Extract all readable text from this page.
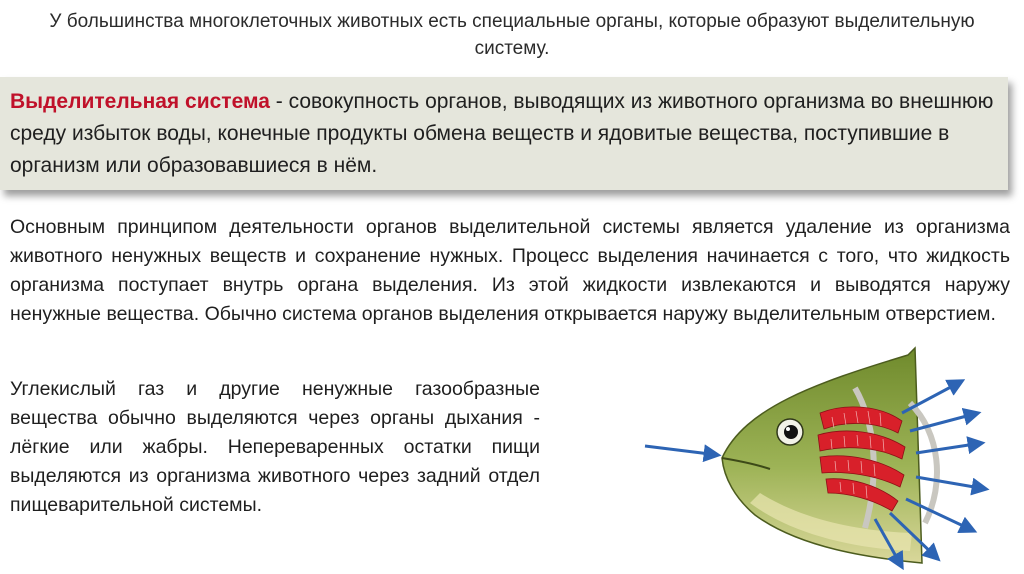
У большинства многоклеточных животных есть специальные органы, которые образуют выделительную систему.
Выделительная система - совокупность органов, выводящих из животного организма во внешнюю среду избыток воды, конечные продукты обмена веществ и ядовитые вещества, поступившие в организм или образовавшиеся в нём.
Основным принципом деятельности органов выделительной системы является удаление из организма животного ненужных веществ и сохранение нужных. Процесс выделения начинается с того, что жидкость организма поступает внутрь органа выделения. Из этой жидкости извлекаются и выводятся наружу ненужные вещества. Обычно система органов выделения открывается наружу выделительным отверстием.
Углекислый газ и другие ненужные газообразные вещества обычно выделяются через органы дыхания - лёгкие или жабры. Непереваренных остатки пищи выделяются из организма животного через задний отдел пищеварительной системы.
